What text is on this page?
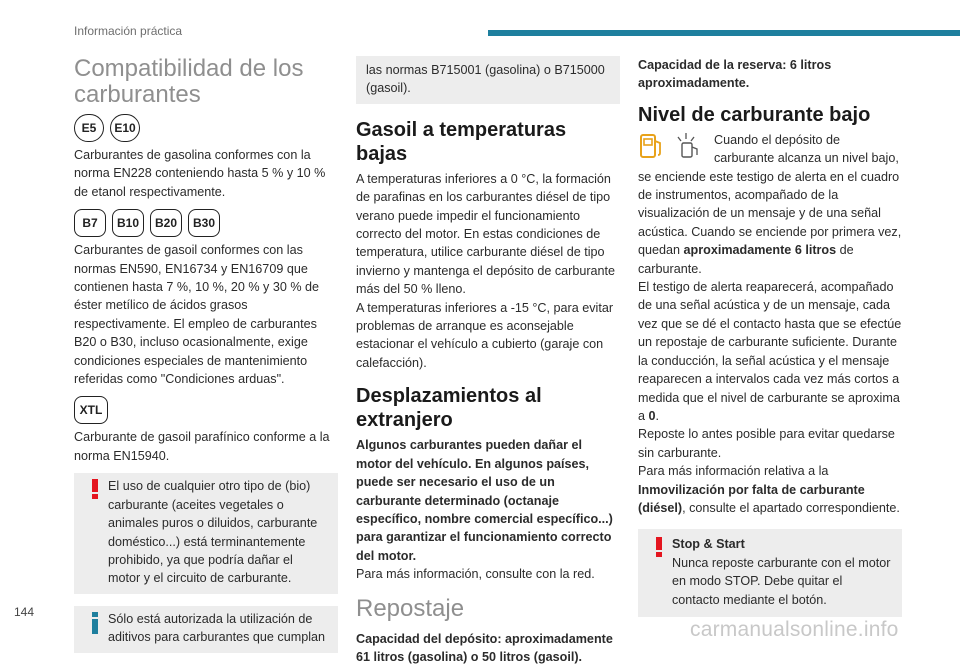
Información práctica
Compatibilidad de los carburantes
E5	E10

Carburantes de gasolina conformes con la norma EN228 conteniendo hasta 5 % y 10 % de etanol respectivamente.

B7	B10	B20	B30

Carburantes de gasoil conformes con las normas EN590, EN16734 y EN16709 que contienen hasta 7 %, 10 %, 20 % y 30 % de éster metílico de ácidos grasos respectivamente. El empleo de carburantes B20 o B30, incluso ocasionalmente, exige condiciones especiales de mantenimiento referidas como "Condiciones arduas".

XTL

Carburante de gasoil parafínico conforme a la norma EN15940.

El uso de cualquier otro tipo de (bio) carburante (aceites vegetales o animales puros o diluidos, carburante doméstico...) está terminantemente prohibido, ya que podría dañar el motor y el circuito de carburante.

Sólo está autorizada la utilización de aditivos para carburantes que cumplan

las normas B715001 (gasolina) o B715000 (gasoil).

Gasoil a temperaturas bajas

A temperaturas inferiores a 0 °C, la formación de parafinas en los carburantes diésel de tipo verano puede impedir el funcionamiento correcto del motor. En estas condiciones de temperatura, utilice carburante diésel de tipo invierno y mantenga el depósito de carburante más del 50 % lleno.

A temperaturas inferiores a -15 °C, para evitar problemas de arranque es aconsejable estacionar el vehículo a cubierto (garaje con calefacción).

Desplazamientos al extranjero

Algunos carburantes pueden dañar el motor del vehículo. En algunos países, puede ser necesario el uso de un carburante determinado (octanaje específico, nombre comercial específico...) para garantizar el funcionamiento correcto del motor.

Para más información, consulte con la red.

Repostaje

Capacidad del depósito: aproximadamente 61 litros (gasolina) o 50 litros (gasoil).

Capacidad de la reserva: 6 litros aproximadamente.

Nivel de carburante bajo

Cuando el depósito de carburante alcanza un nivel bajo, se enciende este testigo de alerta en el cuadro de instrumentos, acompañado de la visualización de un mensaje y de una señal acústica. Cuando se enciende por primera vez, quedan aproximadamente 6 litros de carburante.

El testigo de alerta reaparecerá, acompañado de una señal acústica y de un mensaje, cada vez que se dé el contacto hasta que se efectúe un repostaje de carburante suficiente. Durante la conducción, la señal acústica y el mensaje reaparecen a intervalos cada vez más cortos a medida que el nivel de carburante se aproxima a 0.

Reposte lo antes posible para evitar quedarse sin carburante.

Para más información relativa a la Inmovilización por falta de carburante (diésel), consulte el apartado correspondiente.

Stop & Start

Nunca reposte carburante con el motor en modo STOP. Debe quitar el contacto mediante el botón.

144
carmanualsonline.info
